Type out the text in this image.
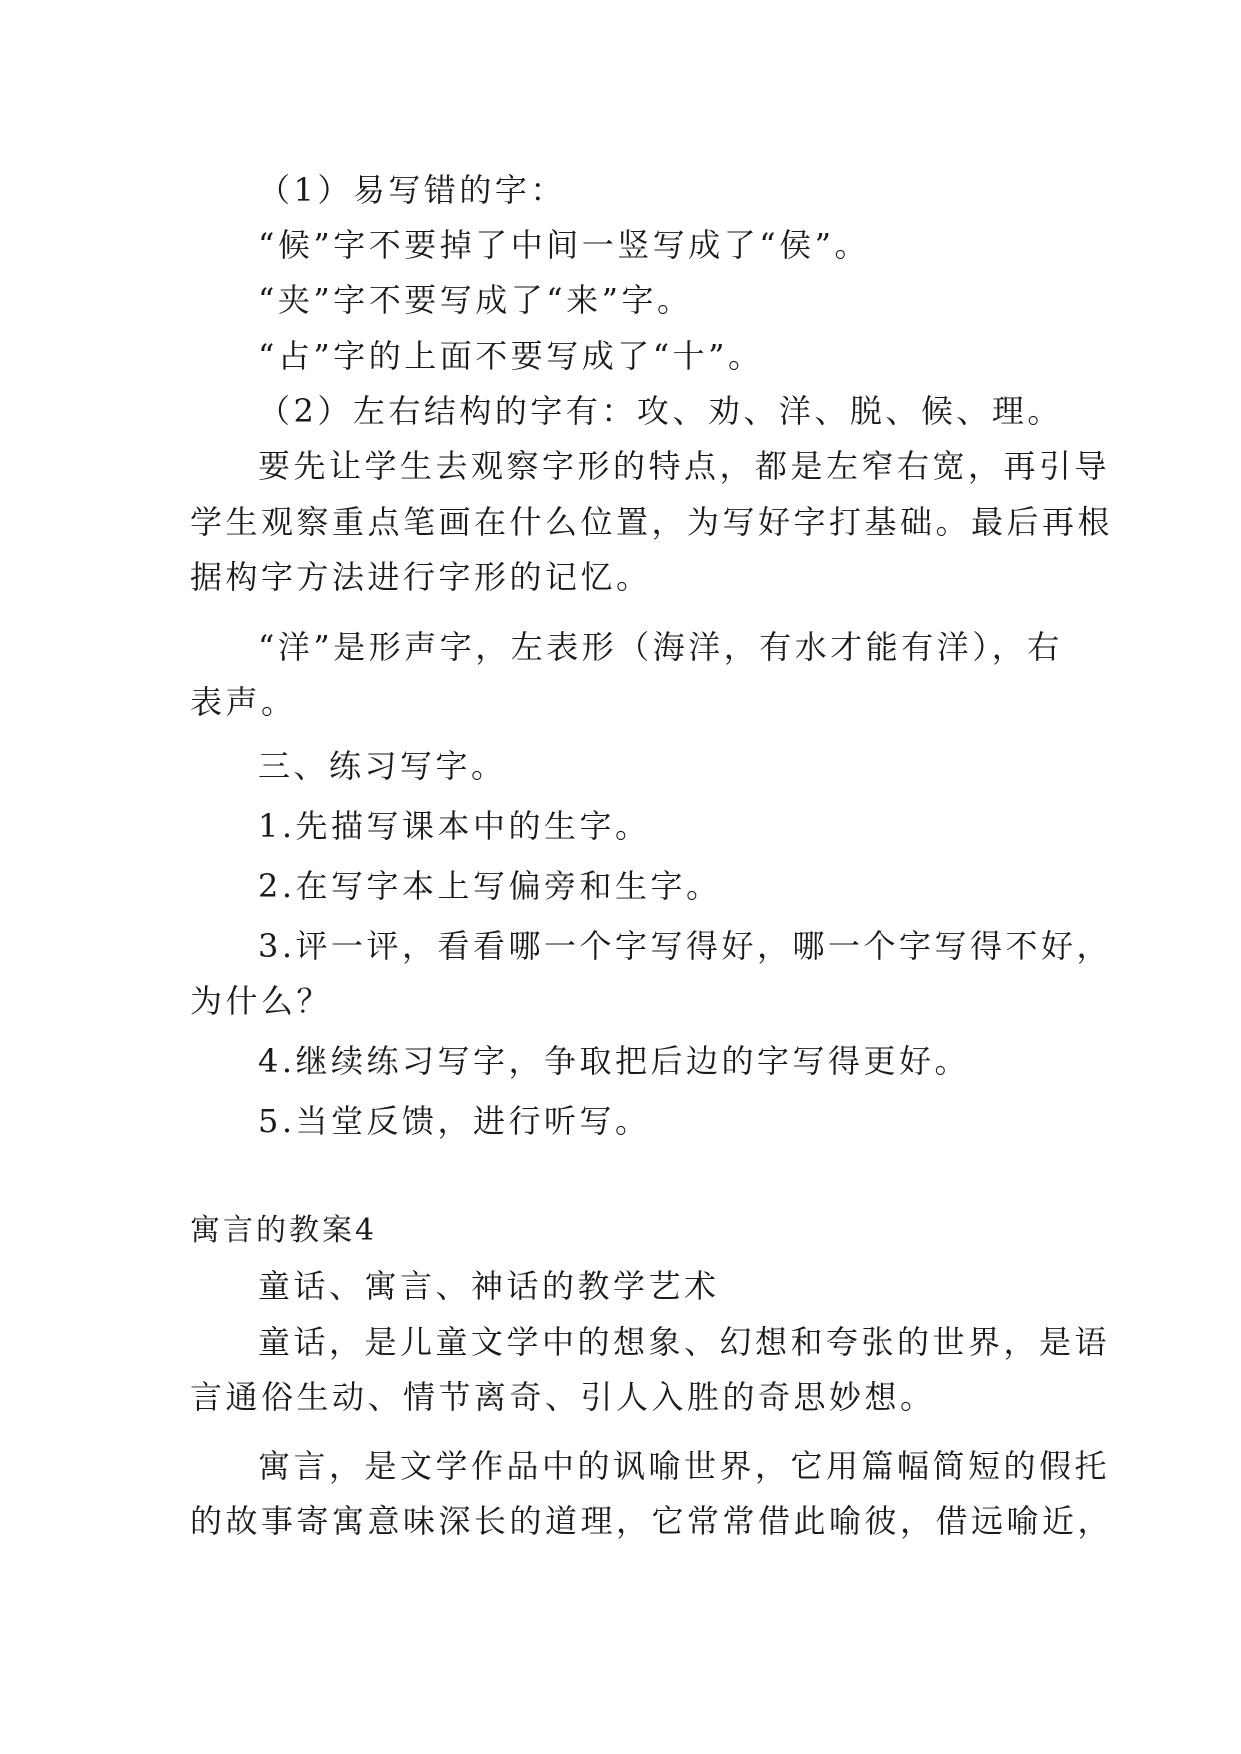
（1）易写错的字：
“候”字不要掉了中间一竖写成了“侯”。
“夹”字不要写成了“来”字。
“占”字的上面不要写成了“十”。
（2）左右结构的字有：攻、劝、洋、脱、候、理。
要先让学生去观察字形的特点，都是左窄右宽，再引导
学生观察重点笔画在什么位置，为写好字打基础。最后再根
据构字方法进行字形的记忆。
“洋”是形声字，左表形（海洋，有水才能有洋），右
表声。
三、练习写字。
1.先描写课本中的生字。
2.在写字本上写偏旁和生字。
3.评一评，看看哪一个字写得好，哪一个字写得不好，
为什么？
4.继续练习写字，争取把后边的字写得更好。
5.当堂反馈，进行听写。
寓言的教案4
童话、寓言、神话的教学艺术
童话，是儿童文学中的想象、幻想和夸张的世界，是语
言通俗生动、情节离奇、引人入胜的奇思妙想。
寓言，是文学作品中的讽喻世界，它用篇幅简短的假托
的故事寄寓意味深长的道理，它常常借此喻彼，借远喻近，
